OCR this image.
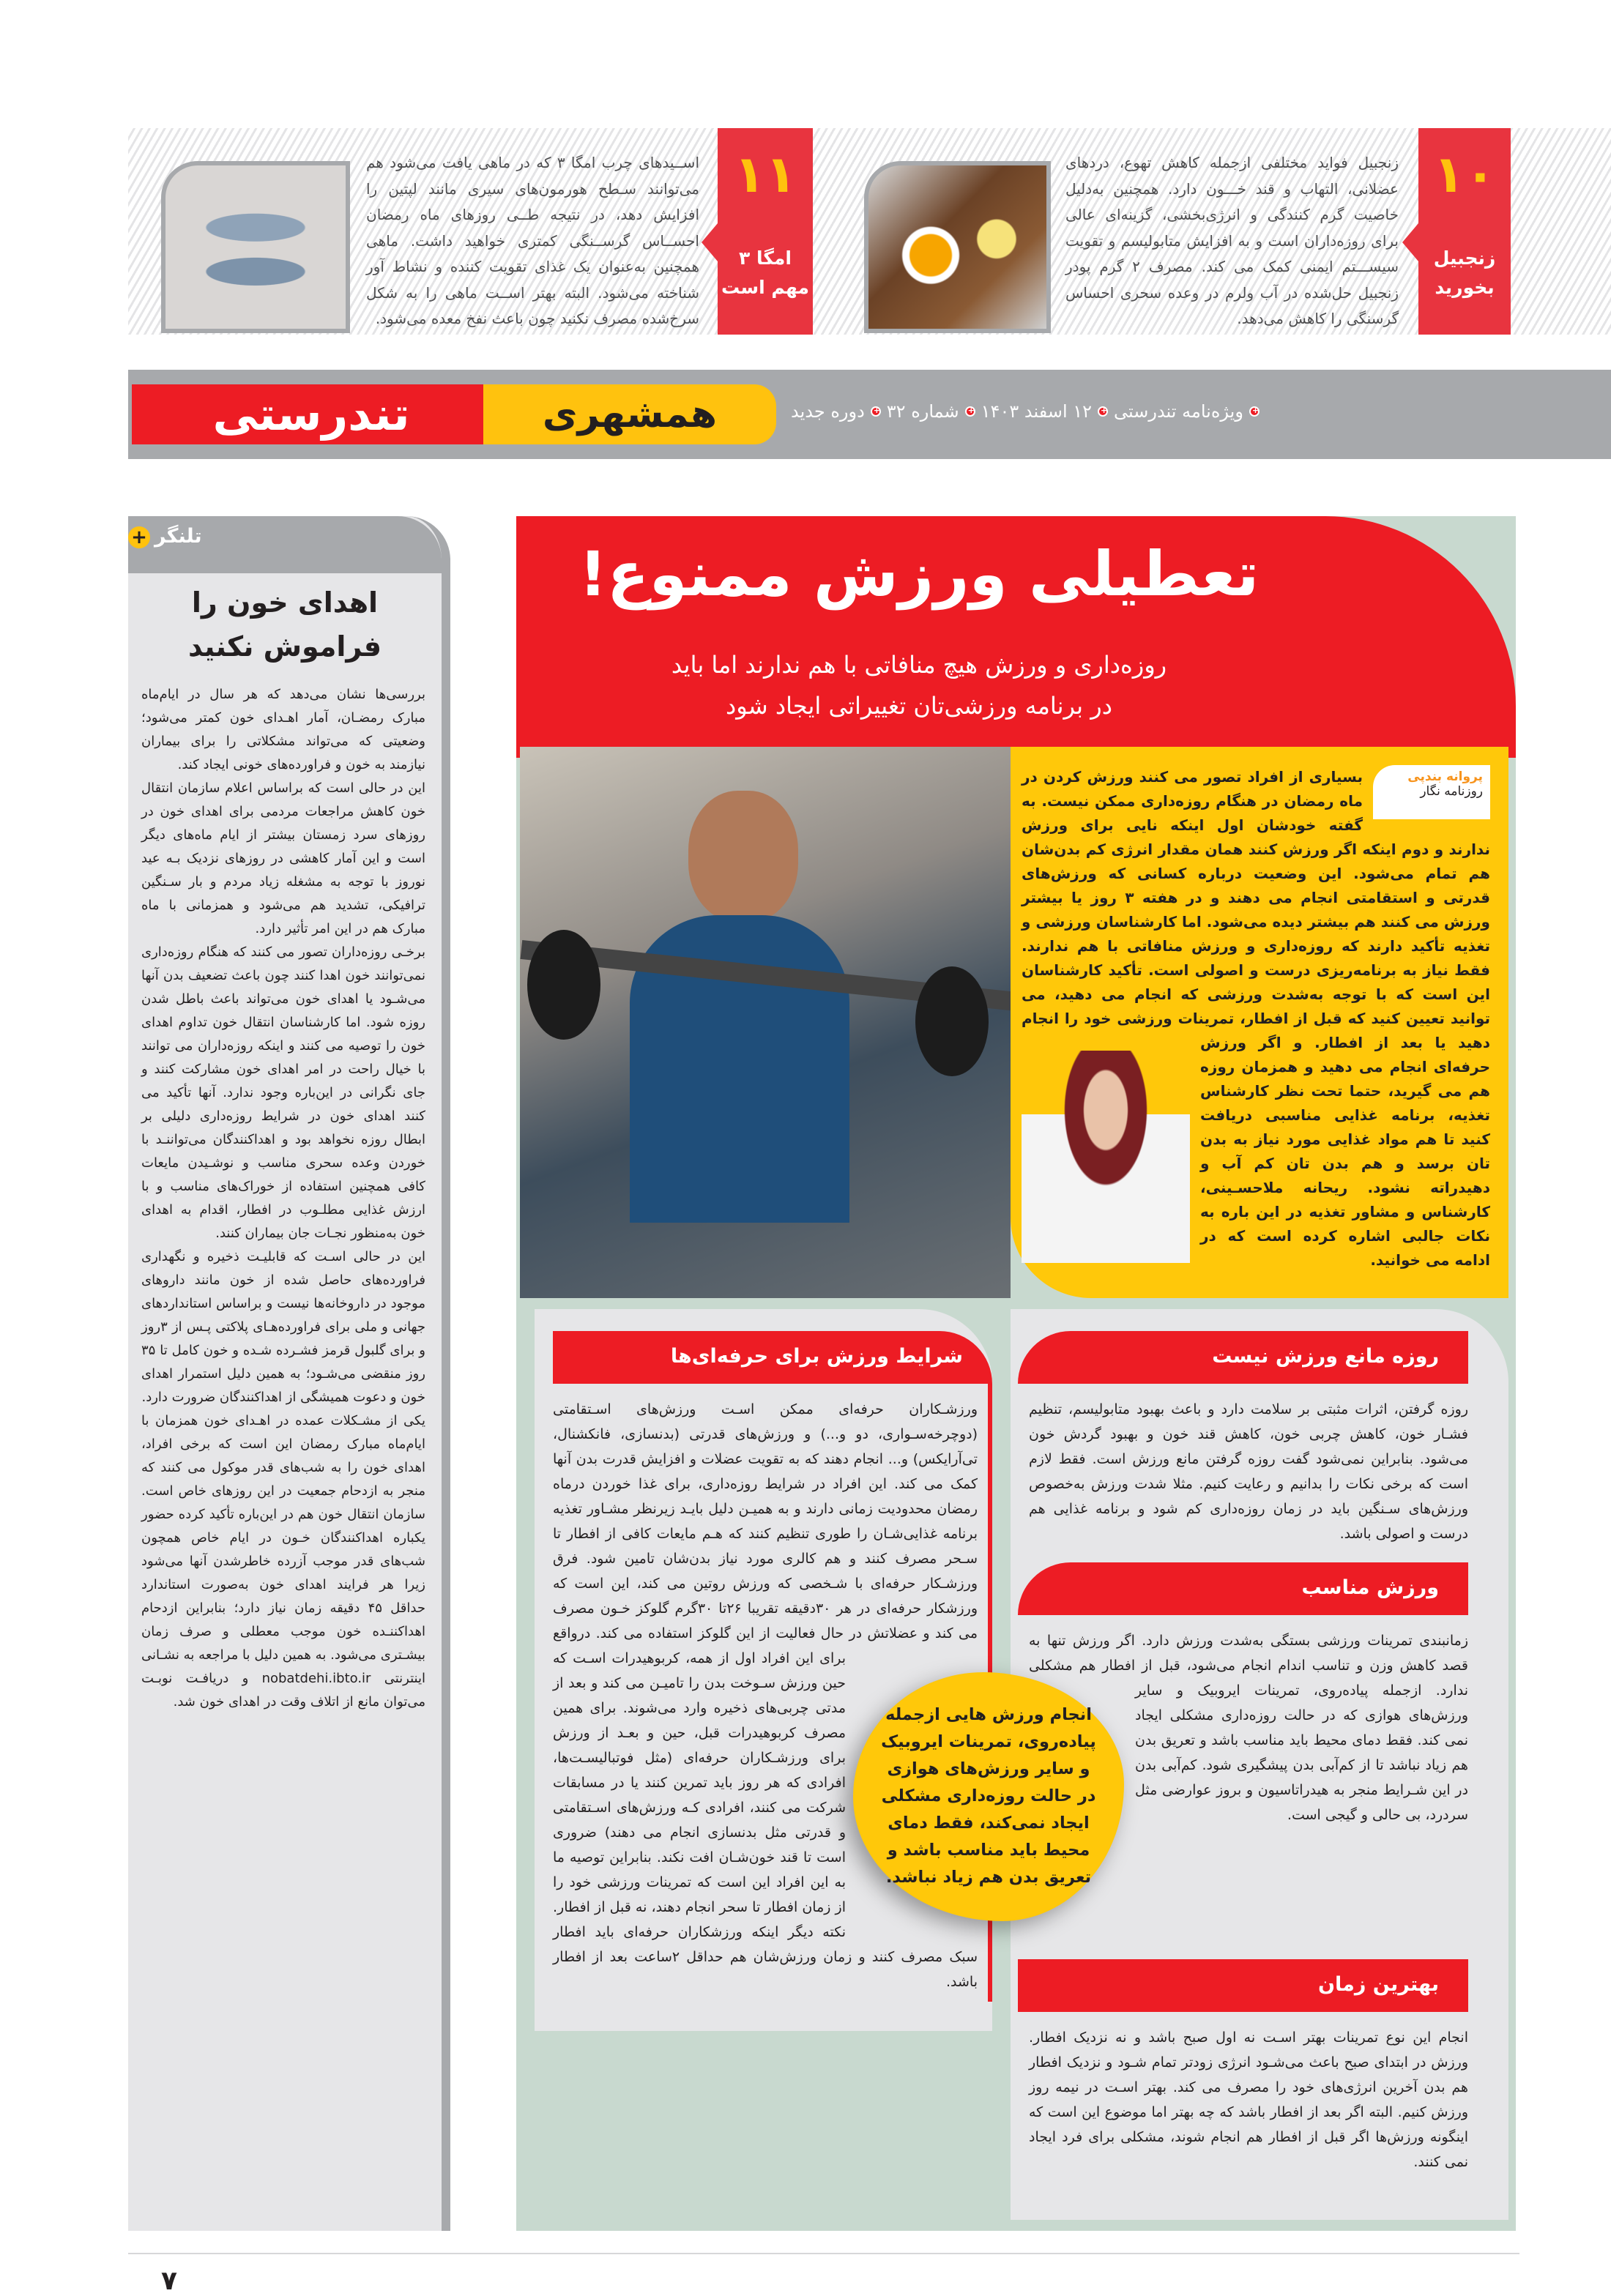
۱۰
زنجبیل
بخورید

زنجبیل فواید مختلفی ازجمله کاهش تهوع، دردهای عضلانی، التهاب و قند خـــون دارد. همچنین به‌دلیل خاصیت گرم کنندگی و انرژی‌بخشی، گزینه‌ای عالی برای روزه‌داران است و به افزایش متابولیسم و تقویت سیســـتم ایمنی کمک می کند. مصرف ۲ گرم پودر زنجبیل حل‌شده در آب ولرم در وعده سحری احساس گرسنگی را کاهش می‌دهد.

۱۱
امگا ۳
مهم است

اســیدهای چرب امگا ۳ که در ماهی یافت می‌شود هم می‌توانند سـطح هورمون‌های سیری مانند لپتین را افزایش دهد، در نتیجه طــی روزهای ماه رمضان احســاس گرســنگی کمتری خواهید داشت. ماهی همچنین به‌عنوان یک غذای تقویت کننده و نشاط آور شناخته می‌شود. البته بهتر اســت ماهی را به شکل سرخ‌شده مصرف نکنید چون باعث نفخ معده می‌شود.

تندرستی	همشهری +	ویژه‌نامه تندرستی
+
۱۲ اسفند ۱۴۰۳
+
شماره ۳۲
+
دوره جدید
تعطیلی ورزش ممنوع!
روزه‌داری و ورزش هیچ منافاتی با هم ندارند اما باید
در برنامه ورزشی‌تان تغییراتی ایجاد شود
پروانه بندپی
روزنامه نگار

بسیاری از افراد تصور می کنند ورزش کردن در ماه رمضان در هنگام روزه‌داری ممکن نیست. به گفته خودشان اول اینکه نایی برای ورزش ندارند و دوم اینکه اگر ورزش کنند همان مقدار انرژی کم بدن‌شان هم تمام می‌شود. این وضعیت درباره کسانی که ورزش‌های قدرتی و استقامتی انجام می دهند و در هفته ۳ روز یا بیشتر ورزش می کنند هم بیشتر دیده می‌شود. اما کارشناسان ورزشی و تغذیه تأکید دارند که روزه‌داری و ورزش منافاتی با هم ندارند. فقط نیاز به برنامه‌ریزی درست و اصولی است. تأکید کارشناسان این است که با توجه به‌شدت ورزشی که انجام می دهید، می توانید تعیین کنید که قبل از افطار، تمرینات ورزشی خود را انجام دهید یا بعد از افطار. و اگر ورزش حرفه‌ای انجام می دهید و همزمان روزه هم می گیرید، حتما تحت نظر کارشناس تغذیه، برنامه غذایی مناسبی دریافت کنید تا هم مواد غذایی مورد نیاز به بدن تان برسد و هم بدن تان کم آب و دهیدراته نشود. ریحانه ملاحسـینی، کارشناس و مشاور تغذیه در این باره به نکات جالبی اشاره کرده است که در ادامه می خوانید.

روزه مانع ورزش نیست
روزه گرفتن، اثرات مثبتی بر سلامت دارد و باعث بهبود متابولیسم، تنظیم فشـار خون، کاهش چربی خون، کاهش قند خون و بهبود گردش خون می‌شود. بنابراین نمی‌شود گفت روزه گرفتن مانع ورزش است. فقط لازم است که برخی نکات را بدانیم و رعایت کنیم. مثلا شدت ورزش به‌خصوص ورزش‌های سـنگین باید در زمان روزه‌داری کم شود و برنامه غذایی هم درست و اصولی باشد.
ورزش مناسب
زمانبندی تمرینات ورزشی بستگی به‌شدت ورزش دارد. اگر ورزش تنها به قصد کاهش وزن و تناسب اندام انجام می‌شود، قبل از افطار هم مشکلی ندارد. ازجمله پیاده‌روی، تمرینات ایروبیک و سایر ورزش‌های هوازی که در حالت روزه‌داری مشکلی ایجاد نمی کند. فقط دمای محیط باید مناسب باشد و تعریق بدن هم زیاد نباشد تا از کم‌آبی بدن پیشگیری شود. کم‌آبی بدن در این شـرایط منجر به هیدراتاسیون و بروز عوارضی مثل سردرد، بی حالی و گیجی است.
بهترین زمان
انجام این نوع تمرینات بهتر اسـت نه اول صبح باشد و نه نزدیک افطار. ورزش در ابتدای صبح باعث می‌شـود انرژی زودتر تمام شـود و نزدیک افطار هم بدن آخرین انرژی‌های خود را مصرف می کند. بهتر اسـت در نیمه روز ورزش کنیم. البته اگر بعد از افطار باشد که چه بهتر اما موضوع این است که اینگونه ورزش‌ها اگر قبل از افطار هم انجام شوند، مشکلی برای فرد ایجاد نمی کنند.
شرایط ورزش برای حرفه‌ای‌ها
ورزشـکاران حرفه‌ای ممکن اسـت ورزش‌های اسـتقامتی (دوچرخه‌سـواری، دو و...) و ورزش‌های قدرتی (بدنسازی، فانکشنال، تی‌آرایکس) و... انجام دهند که به تقویت عضلات و افزایش قدرت بدن آنها کمک می کند. این افراد در شرایط روزه‌داری، برای غذا خوردن درماه رمضان محدودیت زمانی دارند و به همیـن دلیل بایـد زیرنظر مشـاور تغذیه برنامه غذایی‌شـان را طوری تنظیم کنند که هـم مایعات کافی از افطار تا سـحر مصرف کنند و هم کالری مورد نیاز بدن‌شان تامین شود. فرق ورزشـکار حرفه‌ای با شـخصی که ورزش روتین می کند، این است که ورزشکار حرفه‌ای در هر ۳۰دقیقه تقریبا ۲۶تا ۳۰گرم گلوکز خـون مصرف می کند و عضلاتش در حال فعالیت از این گلوکز استفاده می کند. درواقع برای این افراد اول از همه، کربوهیدرات اسـت که حین ورزش سـوخت بدن را تامیـن می کند و بعد از مدتی چربی‌های ذخیره وارد می‌شوند. برای همین مصرف کربوهیدرات قبل، حین و بعـد از ورزش برای ورزشـکاران حرفه‌ای (مثل فوتبالیسـت‌ها، افرادی که هر روز باید تمرین کنند یا در مسابقات شرکت می کنند، افرادی کـه ورزش‌های اسـتقامتی و قدرتی مثل بدنسازی انجام می دهند) ضروری است تا قند خون‌شـان افت نکند. بنابراین توصیه ما به این افراد این است که تمرینات ورزشی خود را از زمان افطار تا سحر انجام دهند، نه قبل از افطار. نکته دیگر اینکه ورزشکاران حرفه‌ای باید افطار سبک مصرف کنند و زمان ورزش‌شان هم حداقل ۲ساعت بعد از افطار باشد.
انجام ورزش هایی ازجمله پیاده‌روی، تمرینات ایروبیک و سایر ورزش‌های هوازی در حالت روزه‌داری مشکلی ایجاد نمی‌کند، فقط دمای محیط باید مناسب باشد و تعریق بدن هم زیاد نباشد.
+ تلنگر
اهدای خون را
فراموش نکنید

بررسی‌ها نشان می‌دهد که هر سال در ایام‌ماه مبارک رمضـان، آمار اهـدای خون کمتر می‌شود؛ وضعیتی که می‌تواند مشکلاتی را برای بیماران نیازمند به خون و فراورده‌های خونی ایجاد کند.

این در حالی است که براساس اعلام سازمان انتقال خون کاهش مراجعات مردمی برای اهدای خون در روزهای سرد زمستان بیشتر از ایام ماه‌های دیگر است و این آمار کاهشی در روزهای نزدیک بـه عید نوروز با توجه به مشغله زیاد مردم و بار سـنگین ترافیکی، تشدید هم می‌شود و همزمانی با ماه مبارک هم در این امر تأثیر دارد.

برخـی روزه‌داران تصور می کنند که هنگام روزه‌داری نمی‌توانند خون اهدا کنند چون باعث تضعیف بدن آنها می‌شـود یا اهدای خون می‌تواند باعث باطل شدن روزه شود. اما کارشناسان انتقال خون تداوم اهدای خون را توصیه می کنند و اینکه روزه‌داران می توانند با خیال راحت در امر اهدای خون مشارکت کنند و جای نگرانی در این‌باره وجود ندارد. آنها تأکید می کنند اهدای خون در شرایط روزه‌داری دلیلی بر ابطال روزه نخواهد بود و اهداکنندگان می‌تواننـد با خوردن وعده سحری مناسب و نوشـیدن مایعات کافی همچنین استفاده از خوراک‌های مناسب و با ارزش غذایی مطلـوب در افطار، اقدام به اهدای خون به‌منظور نجـات جان بیماران کنند.

این در حالی اسـت که قابلیـت ذخیره و نگهداری فراورده‌های حاصل شده از خون مانند داروهای موجود در داروخانه‌ها نیست و براساس استانداردهای جهانی و ملی برای فراورده‌هـای پلاکتی پـس از ۳روز و برای گلبول قرمز فشـرده شـده و خون کامل تا ۳۵ روز منقضی می‌شـود؛ به همین دلیل استمرار اهدای خون و دعوت همیشگی از اهداکنندگان ضرورت دارد.

یکی از مشـکلات عمده در اهـدای خون همزمان با ایام‌ماه مبارک رمضان این است که برخی افراد، اهدای خون را به شب‌های قدر موکول می کنند که منجر به ازدحام جمعیت در این روزهای خاص است. سازمان انتقال خون هم در این‌باره تأکید کرده حضور یکباره اهداکنندگان خـون در ایام خاص همچون شب‌های قدر موجب آزرده خاطرشدن آنها می‌شود زیرا هر فرایند اهدای خون به‌صورت استاندارد حداقل ۴۵ دقیقه زمان نیاز دارد؛ بنابراین ازدحام اهداکننـده خون موجب معطلی و صرف زمان بیشـتری می‌شود. به همین دلیل با مراجعه به نشـانی اینترنتی nobatdehi.ibto.ir و دریافـت نوبـت می‌توان مانع از اتلاف وقت در اهدای خون شد.

۷
